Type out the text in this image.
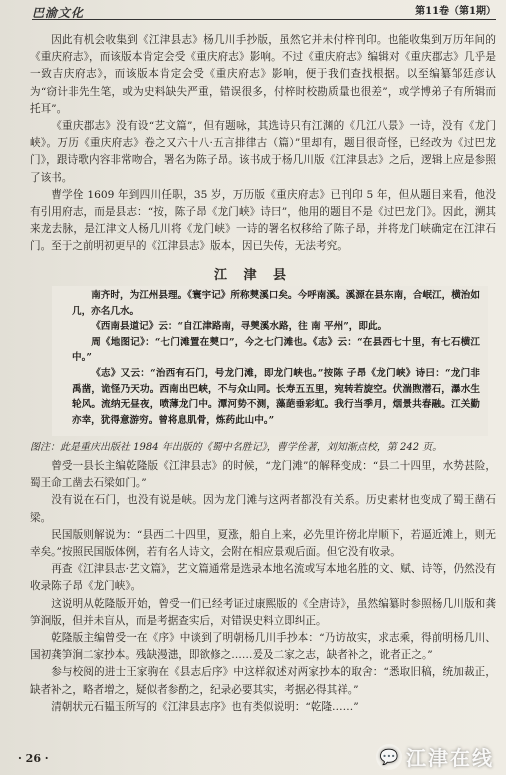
巴渝文化	第11卷（第1期）

因此有机会收集到《江津县志》杨几川手抄版，虽然它并未付梓刊印。也能收集到万历年间的《重庆府志》，而该版本肯定会受《重庆府志》影响。不过《重庆府志》编辑对《重庆郡志》几乎是一致吉庆府志》，而该版本肯定会受《重庆府志》影响，便于我们查找根据。以至编纂邹廷彦认为“窃计非先生笔，或为史料缺失严重，错误很多，付梓时校勘质量也很差”，或学博弟子有所辑而托耳”。

《重庆郡志》没有设“艺文篇”，但有题咏，其选诗只有江渊的《几江八景》一诗，没有《龙门峡》。万历《重庆府志》卷之又六十八·五言排律古（篇）”里却有，题目很奇怪，已经改为《过巴龙门》，跟诗歌内容非常吻合，署名为陈子昂。该书成于杨几川版《江津县志》之后，逻辑上应是参照了该书。

曹学佺 1609 年到四川任职，35 岁，万历版《重庆府志》已刊印 5 年，但从题目来看，他没有引用府志，而是县志：“按，陈子昂《龙门峡》诗曰”，他用的题目不是《过巴龙门》。因此，溯其来龙去脉，是江津文人杨几川将《龙门峡》一诗的署名权移给了陈子昂，并将龙门峡确定在江津石门。至于之前明初更早的《江津县志》版本，因已失传，无法考究。

江 津 县

南齐时，为江州县理。《寰宇记》所称僰溪口矣。今呼南溪。溪源在县东南，合岷江，横治如几，亦名几水。

《西南县道记》云：“自江津路南，寻僰溪水路，往 南 平州”，即此。

周《地图记》：“七门滩置在僰口”，今之七门滩也。《志》云：“在县西七十里，有七石横江中。”

《志》又云：“治西有石门，号龙门滩，即龙门峡也。”按陈 子昂《龙门峡》诗曰：“龙门非禹凿，诡怪乃天功。西南出巴峡，不与众山同。长寿五五里，宛转若旋空。伏湍煦潜石，瀑水生轮风。流纳无昼夜，喷薄龙门中。潭河势不测，藻葩垂彩虹。我行当季月，烟景共春融。江关勤亦幸，犹得意游穷。曾将息肌骨，炼药此山中。”

图注：此是重庆出版社 1984 年出版的《蜀中名胜记》，曹学佺著，刘知渐点校，第 242 页。

曾受一县长主编乾隆版《江津县志》的时候，“龙门滩”的解释变成：“县二十四里，水势甚险，蜀王命工凿去石梁如门。”

没有说在石门，也没有说是峡。因为龙门滩与这两者都没有关系。历史素材也变成了蜀王凿石梁。

民国版则解说为：“县西二十四里，夏涨，船自上来，必先里许傍北岸顺下，若逼近滩上，则无幸矣。”按照民国版体例，若有名人诗文，会附在相应景观后面。但它没有收录。

再查《江津县志·艺文篇》，艺文篇通常是选录本地名流或写本地名胜的文、赋、诗等，仍然没有收录陈子昂《龙门峡》。

这说明从乾隆版开始，曾受一们已经考证过康熙版的《全唐诗》，虽然编纂时参照杨几川版和龚笋涧版，但并未盲从，而是考据查实后，对错误史料立即纠正。

乾隆版主编曾受一在《序》中谈到了明朝杨几川手抄本：“乃访故实，求志乘，得前明杨几川、国初龚笋涧二家抄本。残缺漫漶，即欲修之……爰及二家之志，缺者补之，讹者正之。”

参与校阅的进士王家驹在《县志后序》中这样叙述对两家抄本的取舍：“悉取旧稿，统加裁正，缺者补之，略者增之，疑似者参酌之，纪录必要其实，考据必得其祥。”

清朝状元石韫玉所写的《江津县志序》也有类似说明：“乾隆……”

· 26 ·	💬 江津在线
